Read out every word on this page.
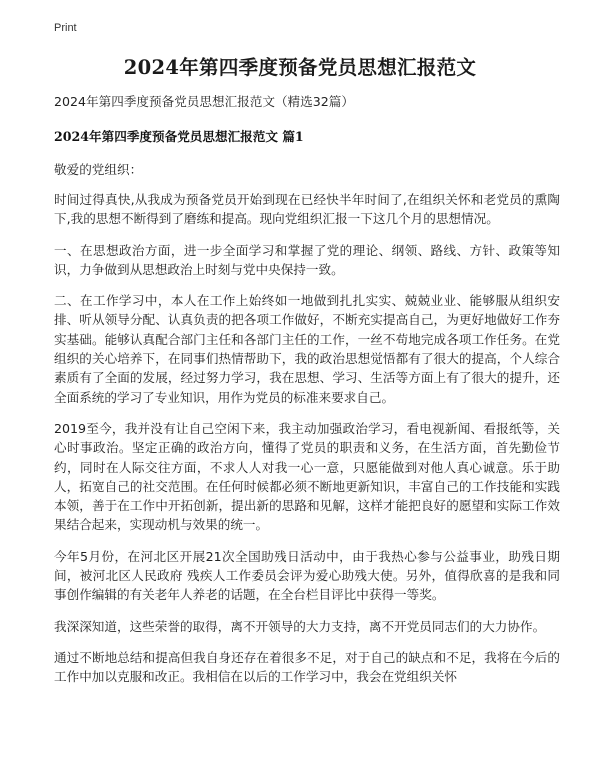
Print
2024年第四季度预备党员思想汇报范文

2024年第四季度预备党员思想汇报范文（精选32篇）

2024年第四季度预备党员思想汇报范文 篇1

敬爱的党组织：

时间过得真快,从我成为预备党员开始到现在已经快半年时间了,在组织关怀和老党员的熏陶下,我的思想不断得到了磨练和提高。现向党组织汇报一下这几个月的思想情况。

一、在思想政治方面，进一步全面学习和掌握了党的理论、纲领、路线、方针、政策等知识，力争做到从思想政治上时刻与党中央保持一致。

二、在工作学习中，本人在工作上始终如一地做到扎扎实实、兢兢业业、能够服从组织安排、听从领导分配、认真负责的把各项工作做好，不断充实提高自己，为更好地做好工作夯实基础。能够认真配合部门主任和各部门主任的工作，一丝不苟地完成各项工作任务。在党组织的关心培养下，在同事们热情帮助下，我的政治思想觉悟都有了很大的提高，个人综合素质有了全面的发展，经过努力学习，我在思想、学习、生活等方面上有了很大的提升，还全面系统的学习了专业知识，用作为党员的标准来要求自己。

2019至今，我并没有让自己空闲下来，我主动加强政治学习，看电视新闻、看报纸等，关心时事政治。坚定正确的政治方向，懂得了党员的职责和义务，在生活方面，首先勤俭节约，同时在人际交往方面，不求人人对我一心一意，只愿能做到对他人真心诚意。乐于助人，拓宽自己的社交范围。在任何时候都必须不断地更新知识，丰富自己的工作技能和实践本领，善于在工作中开拓创新，提出新的思路和见解，这样才能把良好的愿望和实际工作效果结合起来，实现动机与效果的统一。

今年5月份，在河北区开展21次全国助残日活动中，由于我热心参与公益事业，助残日期间，被河北区人民政府 残疾人工作委员会评为爱心助残大使。另外，值得欣喜的是我和同事创作编辑的有关老年人养老的话题，在全台栏目评比中获得一等奖。

我深深知道，这些荣誉的取得，离不开领导的大力支持，离不开党员同志们的大力协作。

通过不断地总结和提高但我自身还存在着很多不足，对于自己的缺点和不足，我将在今后的工作中加以克服和改正。我相信在以后的工作学习中，我会在党组织关怀
